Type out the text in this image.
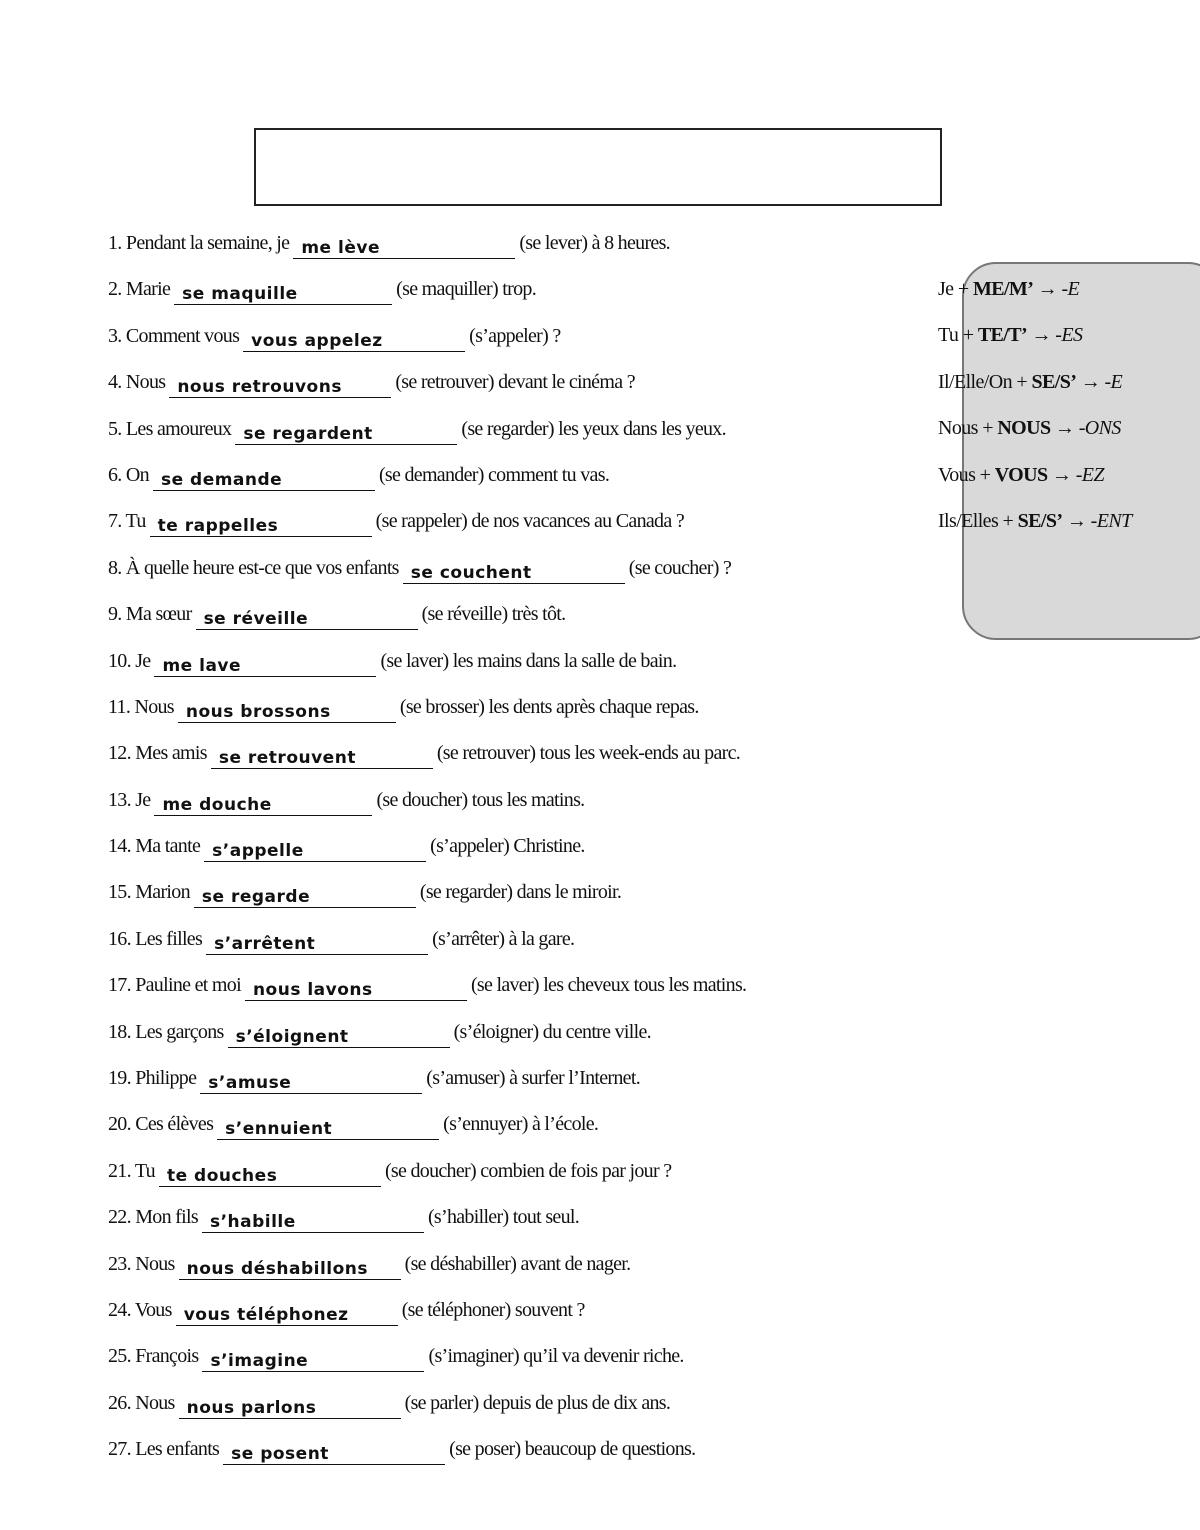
Je + ME/M’ → -E
Tu + TE/T’ → -ES
Il/Elle/On + SE/S’ → -E
Nous + NOUS → -ONS
Vous + VOUS → -EZ
Ils/Elles + SE/S’ → -ENT
1. Pendant la semaine, je me lève	(se lever) à 8 heures.
2. Marie se maquille	(se maquiller) trop.
3. Comment vous vous appelez	(s’appeler) ?
4. Nous nous retrouvons	(se retrouver) devant le cinéma ?
5. Les amoureux se regardent	(se regarder) les yeux dans les yeux.
6. On se demande	(se demander) comment tu vas.
7. Tu te rappelles	(se rappeler) de nos vacances au Canada ?
8. À quelle heure est-ce que vos enfants se couchent	(se coucher) ?
9. Ma sœur se réveille	(se réveille) très tôt.
10. Je me lave	(se laver) les mains dans la salle de bain.
11. Nous nous brossons	(se brosser) les dents après chaque repas.
12. Mes amis se retrouvent	(se retrouver) tous les week-ends au parc.
13. Je me douche	(se doucher) tous les matins.
14. Ma tante s’appelle	(s’appeler) Christine.
15. Marion se regarde	(se regarder) dans le miroir.
16. Les filles s’arrêtent	(s’arrêter) à la gare.
17. Pauline et moi nous lavons	(se laver) les cheveux tous les matins.
18. Les garçons s’éloignent	(s’éloigner) du centre ville.
19. Philippe s’amuse	(s’amuser) à surfer l’Internet.
20. Ces élèves s’ennuient	(s’ennuyer) à l’école.
21. Tu te douches	(se doucher) combien de fois par jour ?
22. Mon fils s’habille	(s’habiller) tout seul.
23. Nous nous déshabillons	(se déshabiller) avant de nager.
24. Vous vous téléphonez	(se téléphoner) souvent ?
25. François s’imagine	(s’imaginer) qu’il va devenir riche.
26. Nous nous parlons	(se parler) depuis de plus de dix ans.
27. Les enfants se posent	(se poser) beaucoup de questions.
